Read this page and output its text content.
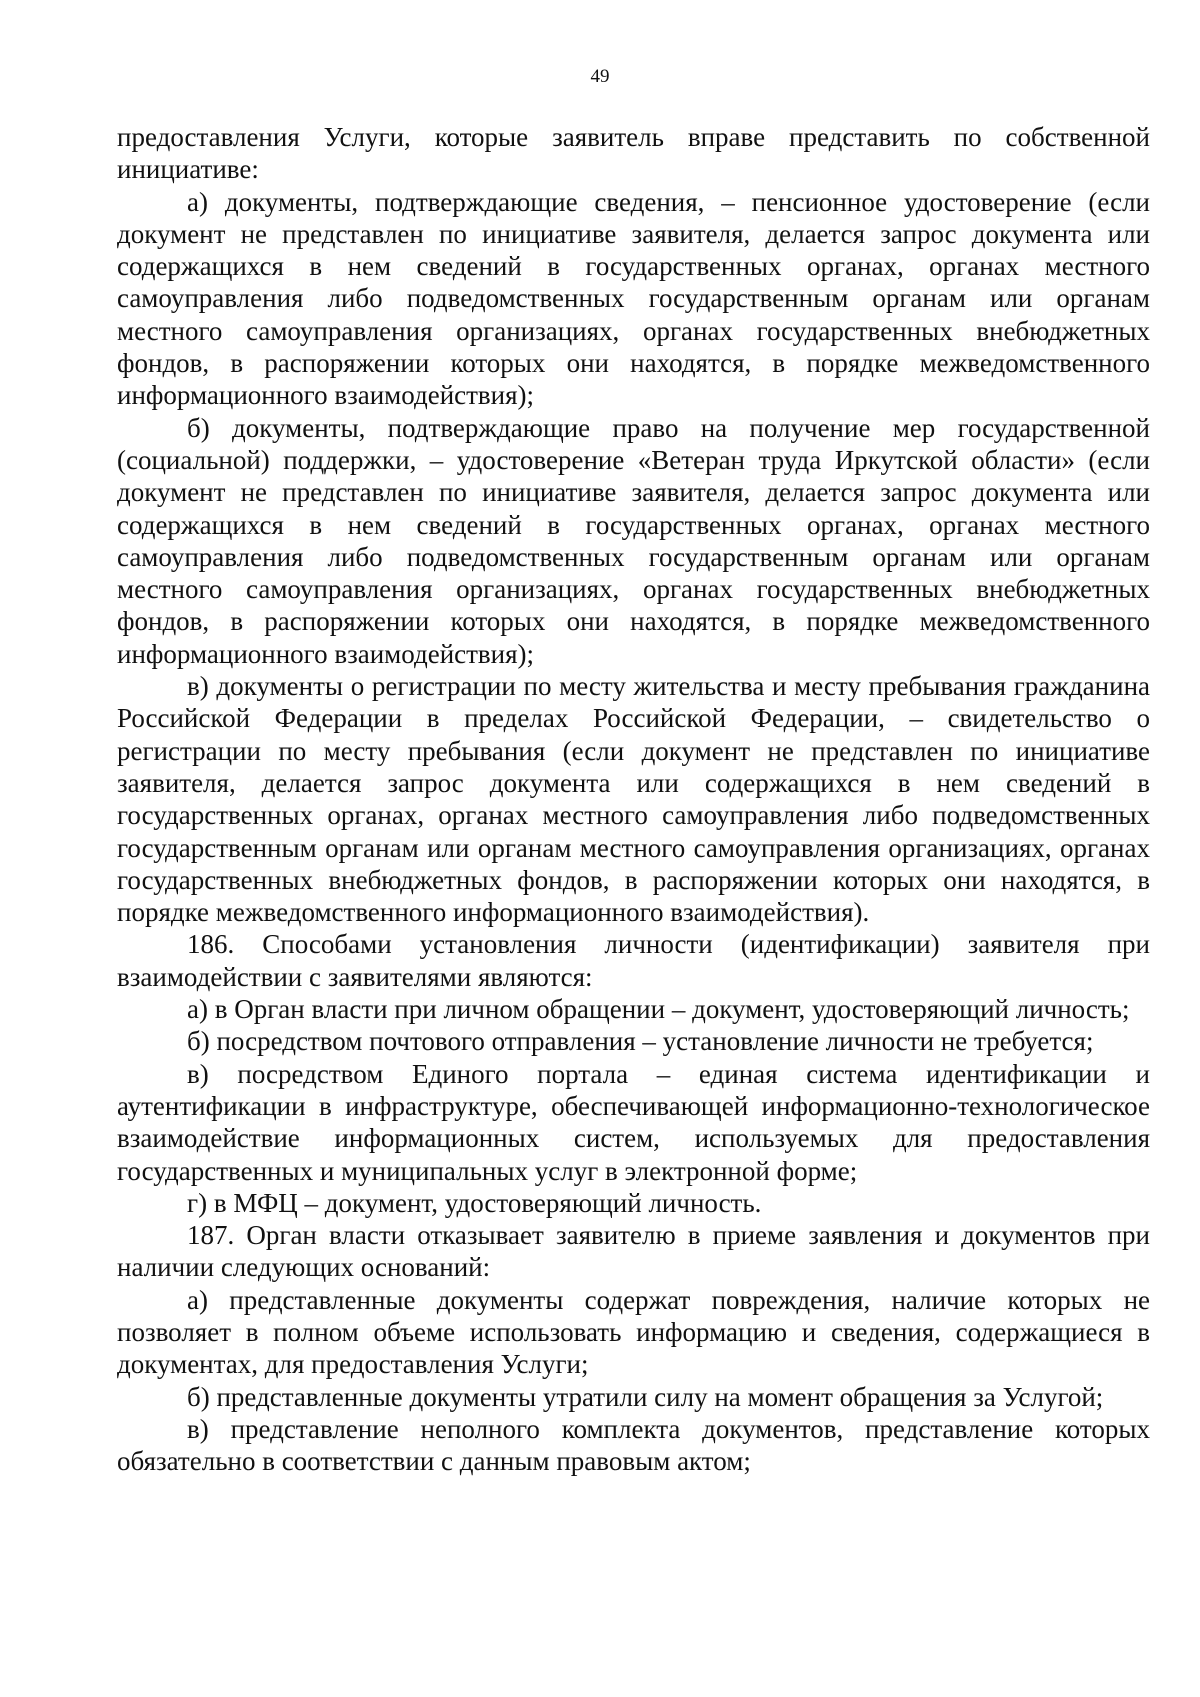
49

предоставления Услуги, которые заявитель вправе представить по собственной инициативе:

а) документы, подтверждающие сведения, – пенсионное удостоверение (если документ не представлен по инициативе заявителя, делается запрос документа или содержащихся в нем сведений в государственных органах, органах местного самоуправления либо подведомственных государственным органам или органам местного самоуправления организациях, органах государственных внебюджетных фондов, в распоряжении которых они находятся, в порядке межведомственного информационного взаимодействия);

б) документы, подтверждающие право на получение мер государственной (социальной) поддержки, – удостоверение «Ветеран труда Иркутской области» (если документ не представлен по инициативе заявителя, делается запрос документа или содержащихся в нем сведений в государственных органах, органах местного самоуправления либо подведомственных государственным органам или органам местного самоуправления организациях, органах государственных внебюджетных фондов, в распоряжении которых они находятся, в порядке межведомственного информационного взаимодействия);

в) документы о регистрации по месту жительства и месту пребывания гражданина Российской Федерации в пределах Российской Федерации, – свидетельство о регистрации по месту пребывания (если документ не представлен по инициативе заявителя, делается запрос документа или содержащихся в нем сведений в государственных органах, органах местного самоуправления либо подведомственных государственным органам или органам местного самоуправления организациях, органах государственных внебюджетных фондов, в распоряжении которых они находятся, в порядке межведомственного информационного взаимодействия).

186. Способами установления личности (идентификации) заявителя при взаимодействии с заявителями являются:

а) в Орган власти при личном обращении – документ, удостоверяющий личность;

б) посредством почтового отправления – установление личности не требуется;

в) посредством Единого портала – единая система идентификации и аутентификации в инфраструктуре, обеспечивающей информационно-технологическое взаимодействие информационных систем, используемых для предоставления государственных и муниципальных услуг в электронной форме;

г) в МФЦ – документ, удостоверяющий личность.

187. Орган власти отказывает заявителю в приеме заявления и документов при наличии следующих оснований:

а) представленные документы содержат повреждения, наличие которых не позволяет в полном объеме использовать информацию и сведения, содержащиеся в документах, для предоставления Услуги;

б) представленные документы утратили силу на момент обращения за Услугой;

в) представление неполного комплекта документов, представление которых обязательно в соответствии с данным правовым актом;
